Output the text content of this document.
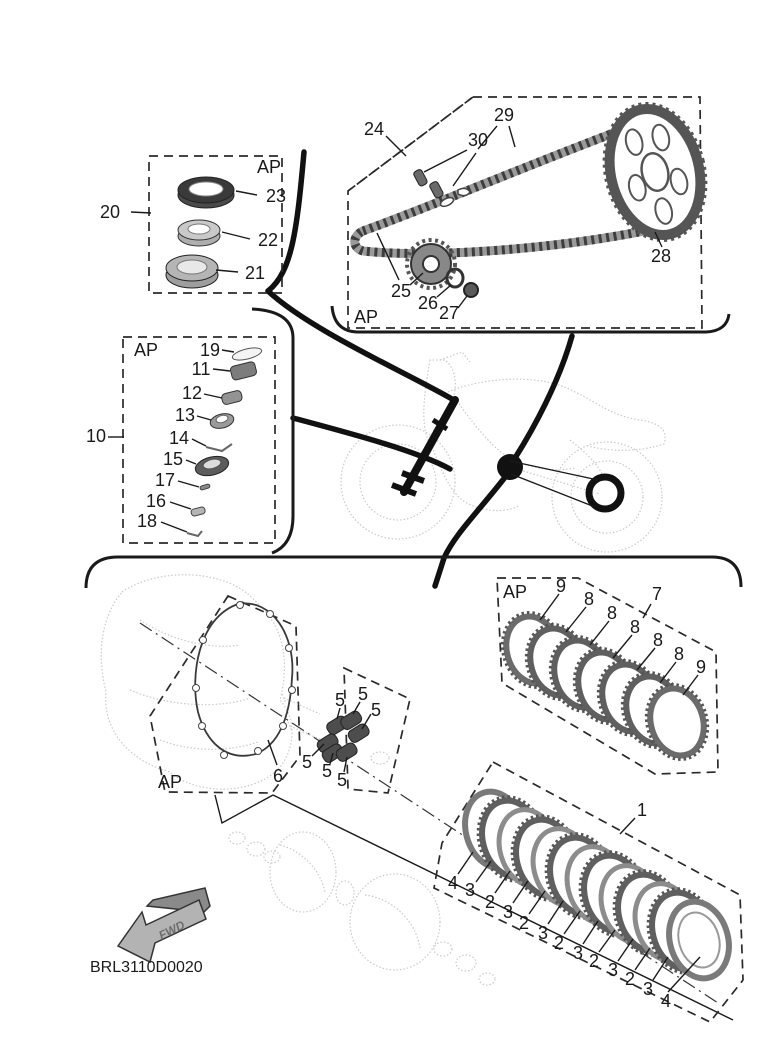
AP
20
23
22
21
AP
10
19
11
12
13
14
15
17
16
18
AP
24
28
29
30
25
26 27
AP	6
5 5
5
5 5 5
AP	7
9
8
8
8
8
8
9
1
4 3
2 3
2 3 2 3 2 3 2 3
4
FWD
BRL3110D0020
